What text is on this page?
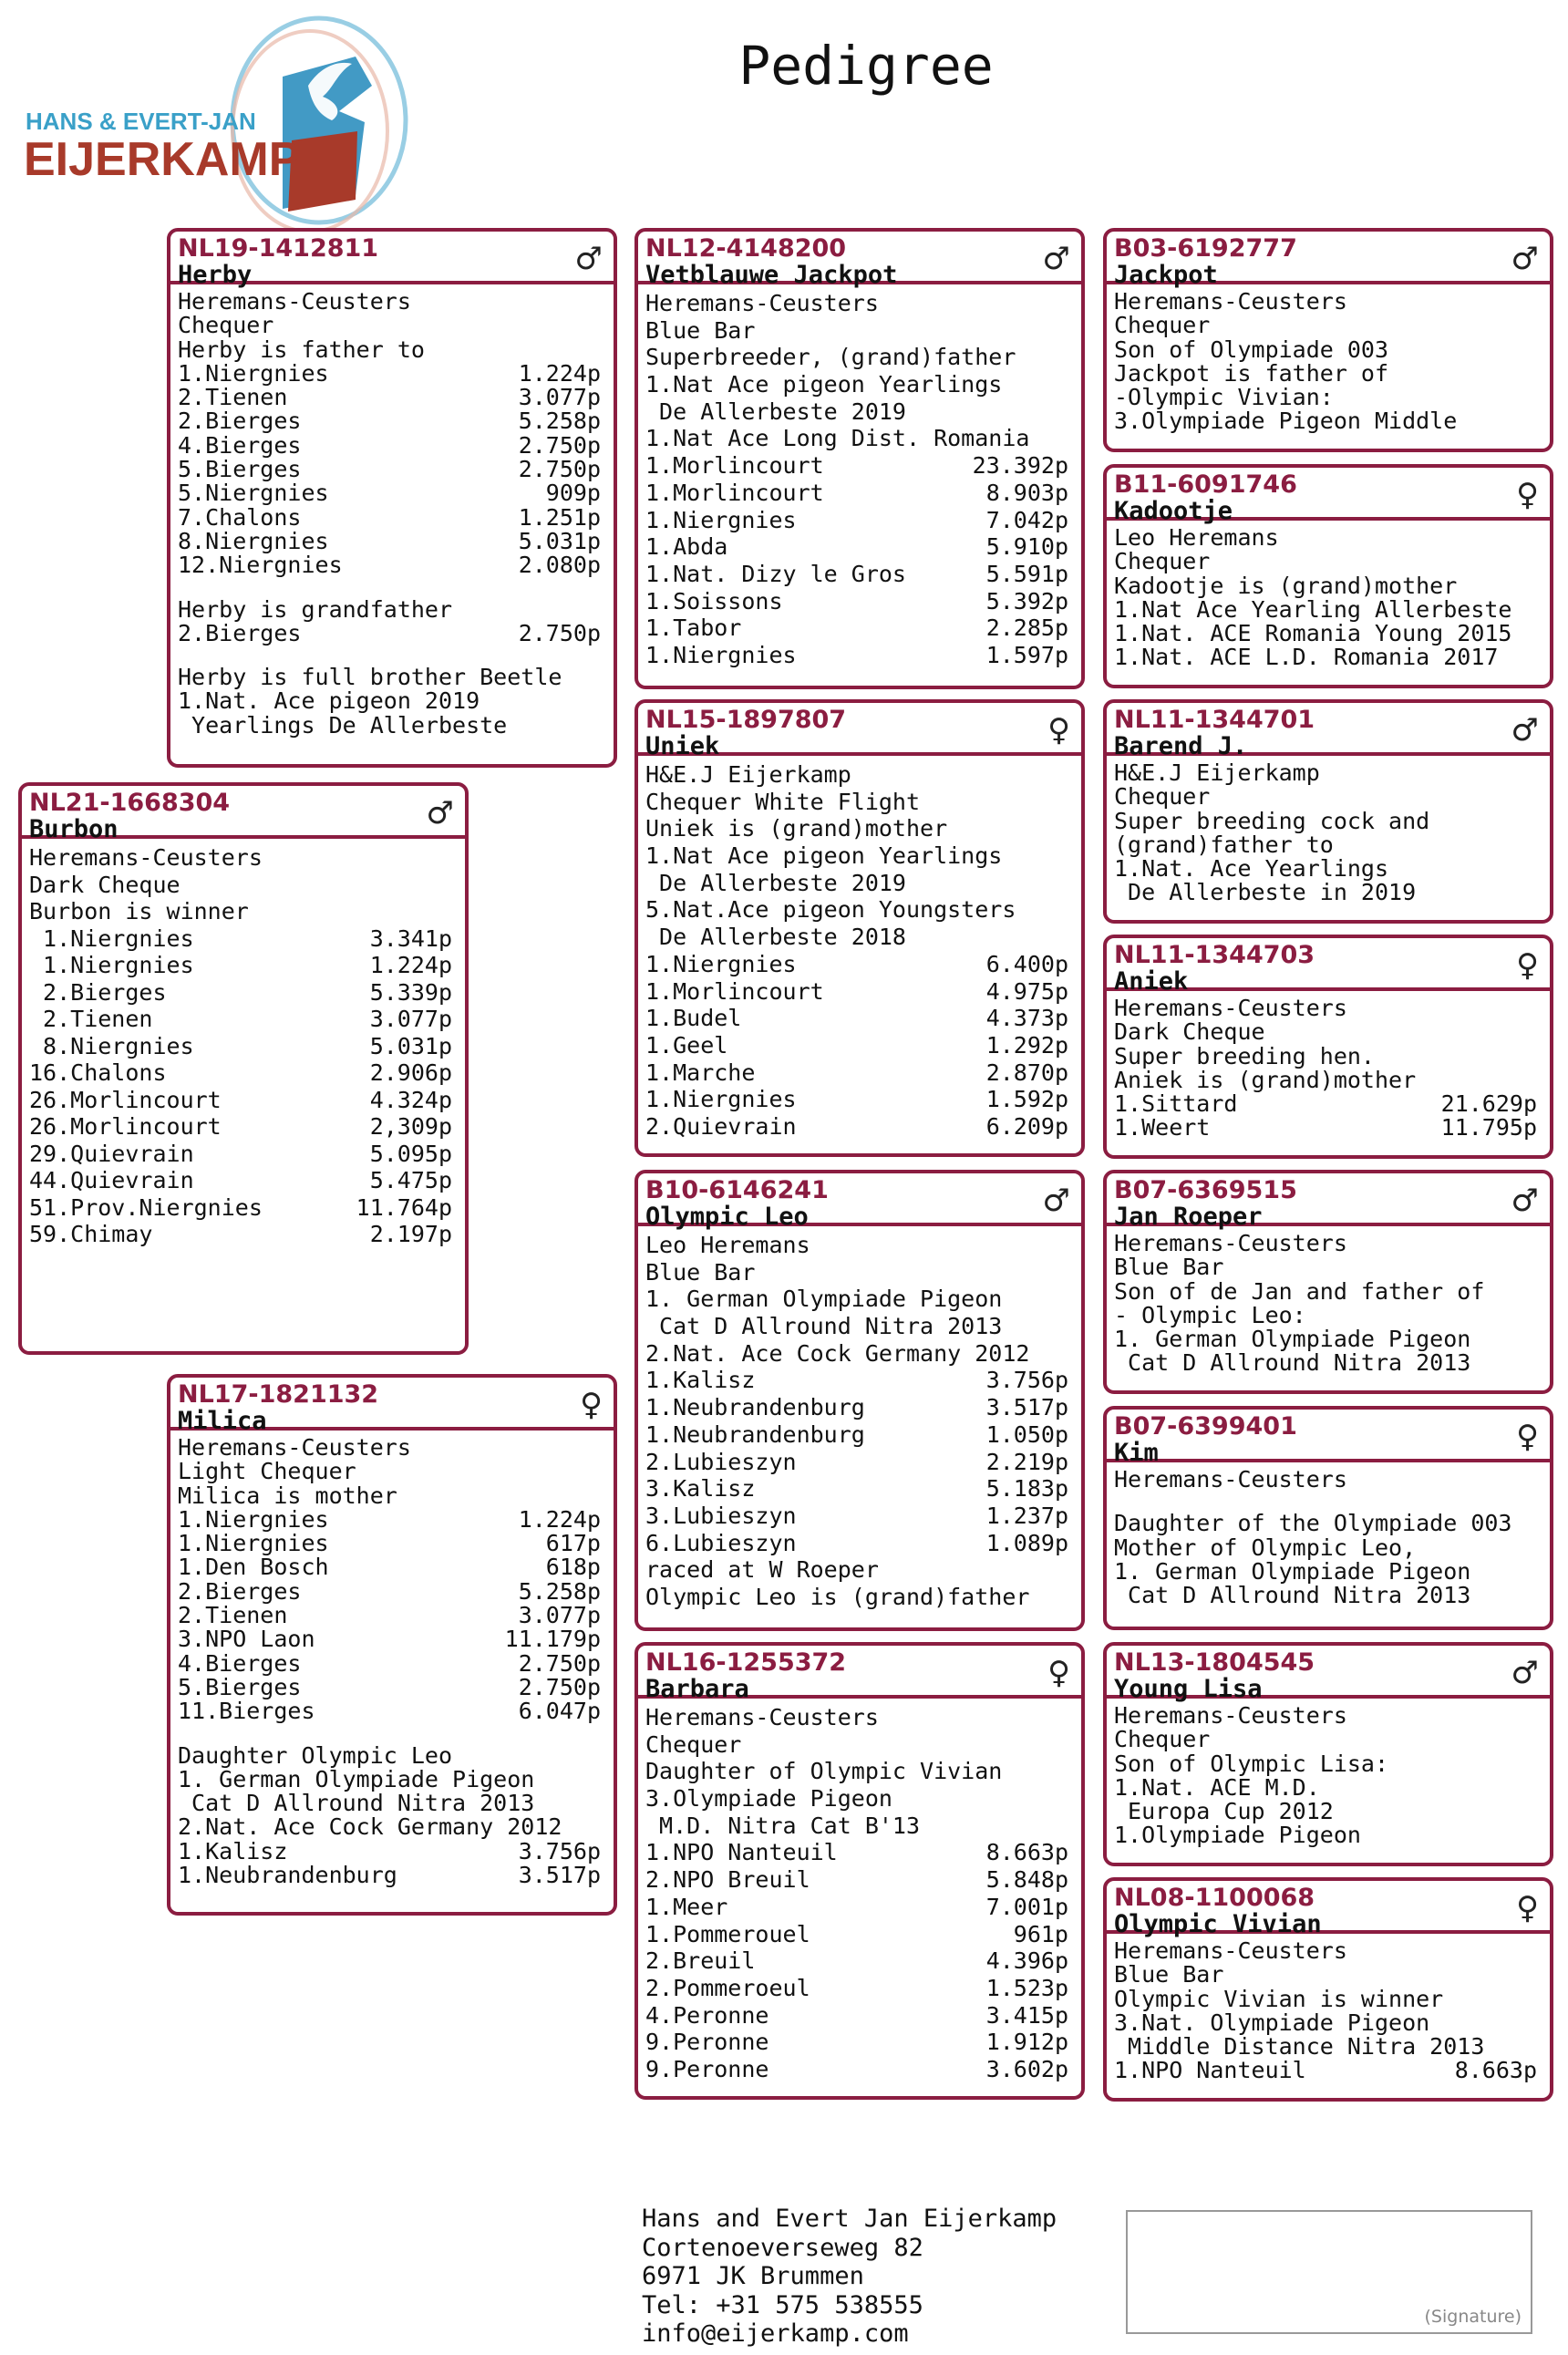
Pedigree
HANS & EVERT-JAN
EIJERKAMP
NL19-1412811
Herby	♂
Heremans-Ceusters
Chequer
Herby is father to
1.Niergnies	1.224p
2.Tienen	3.077p
2.Bierges	5.258p
4.Bierges	2.750p
5.Bierges	2.750p
5.Niergnies	909p
7.Chalons	1.251p
8.Niergnies	5.031p
12.Niergnies	2.080p
Herby is grandfather
2.Bierges	2.750p
Herby is full brother Beetle
1.Nat. Ace pigeon 2019
Yearlings De Allerbeste
NL21-1668304
Burbon	♂
Heremans-Ceusters
Dark Cheque
Burbon is winner
1.Niergnies	3.341p
1.Niergnies	1.224p
2.Bierges	5.339p
2.Tienen	3.077p
8.Niergnies	5.031p
16.Chalons	2.906p
26.Morlincourt	4.324p
26.Morlincourt	2,309p
29.Quievrain	5.095p
44.Quievrain	5.475p
51.Prov.Niergnies	11.764p
59.Chimay	2.197p
NL17-1821132
Milica	♀
Heremans-Ceusters
Light Chequer
Milica is mother
1.Niergnies	1.224p
1.Niergnies	617p
1.Den Bosch	618p
2.Bierges	5.258p
2.Tienen	3.077p
3.NPO Laon	11.179p
4.Bierges	2.750p
5.Bierges	2.750p
11.Bierges	6.047p
Daughter Olympic Leo
1. German Olympiade Pigeon
Cat D Allround Nitra 2013
2.Nat. Ace Cock Germany 2012
1.Kalisz	3.756p
1.Neubrandenburg	3.517p
NL12-4148200
Vetblauwe Jackpot	♂
Heremans-Ceusters
Blue Bar
Superbreeder, (grand)father
1.Nat Ace pigeon Yearlings
De Allerbeste 2019
1.Nat Ace Long Dist. Romania
1.Morlincourt	23.392p
1.Morlincourt	8.903p
1.Niergnies	7.042p
1.Abda	5.910p
1.Nat. Dizy le Gros	5.591p
1.Soissons	5.392p
1.Tabor	2.285p
1.Niergnies	1.597p
NL15-1897807
Uniek	♀
H&E.J Eijerkamp
Chequer White Flight
Uniek is (grand)mother
1.Nat Ace pigeon Yearlings
De Allerbeste 2019
5.Nat.Ace pigeon Youngsters
De Allerbeste 2018
1.Niergnies	6.400p
1.Morlincourt	4.975p
1.Budel	4.373p
1.Geel	1.292p
1.Marche	2.870p
1.Niergnies	1.592p
2.Quievrain	6.209p
B10-6146241
Olympic Leo	♂
Leo Heremans
Blue Bar
1. German Olympiade Pigeon
Cat D Allround Nitra 2013
2.Nat. Ace Cock Germany 2012
1.Kalisz	3.756p
1.Neubrandenburg	3.517p
1.Neubrandenburg	1.050p
2.Lubieszyn	2.219p
3.Kalisz	5.183p
3.Lubieszyn	1.237p
6.Lubieszyn	1.089p
raced at W Roeper
Olympic Leo is (grand)father
NL16-1255372
Barbara	♀
Heremans-Ceusters
Chequer
Daughter of Olympic Vivian
3.Olympiade Pigeon
M.D. Nitra Cat B'13
1.NPO Nanteuil	8.663p
2.NPO Breuil	5.848p
1.Meer	7.001p
1.Pommerouel	961p
2.Breuil	4.396p
2.Pommeroeul	1.523p
4.Peronne	3.415p
9.Peronne	1.912p
9.Peronne	3.602p
B03-6192777
Jackpot	♂
Heremans-Ceusters
Chequer
Son of Olympiade 003
Jackpot is father of
-Olympic Vivian:
3.Olympiade Pigeon Middle
B11-6091746
Kadootje	♀
Leo Heremans
Chequer
Kadootje is (grand)mother
1.Nat Ace Yearling Allerbeste
1.Nat. ACE Romania Young 2015
1.Nat. ACE L.D. Romania 2017
NL11-1344701
Barend J.	♂
H&E.J Eijerkamp
Chequer
Super breeding cock and
(grand)father to
1.Nat. Ace Yearlings
De Allerbeste in 2019
NL11-1344703
Aniek	♀
Heremans-Ceusters
Dark Cheque
Super breeding hen.
Aniek is (grand)mother
1.Sittard	21.629p
1.Weert	11.795p
B07-6369515
Jan Roeper	♂
Heremans-Ceusters
Blue Bar
Son of de Jan and father of
- Olympic Leo:
1. German Olympiade Pigeon
Cat D Allround Nitra 2013
B07-6399401
Kim	♀
Heremans-Ceusters
Daughter of the Olympiade 003
Mother of Olympic Leo,
1. German Olympiade Pigeon
Cat D Allround Nitra 2013
NL13-1804545
Young Lisa	♂
Heremans-Ceusters
Chequer
Son of Olympic Lisa:
1.Nat. ACE M.D.
Europa Cup 2012
1.Olympiade Pigeon
NL08-1100068
Olympic Vivian	♀
Heremans-Ceusters
Blue Bar
Olympic Vivian is winner
3.Nat. Olympiade Pigeon
Middle Distance Nitra 2013
1.NPO Nanteuil	8.663p
Hans and Evert Jan Eijerkamp
Cortenoeverseweg 82
6971 JK Brummen
Tel: +31 575 538555
info@eijerkamp.com
(Signature)
